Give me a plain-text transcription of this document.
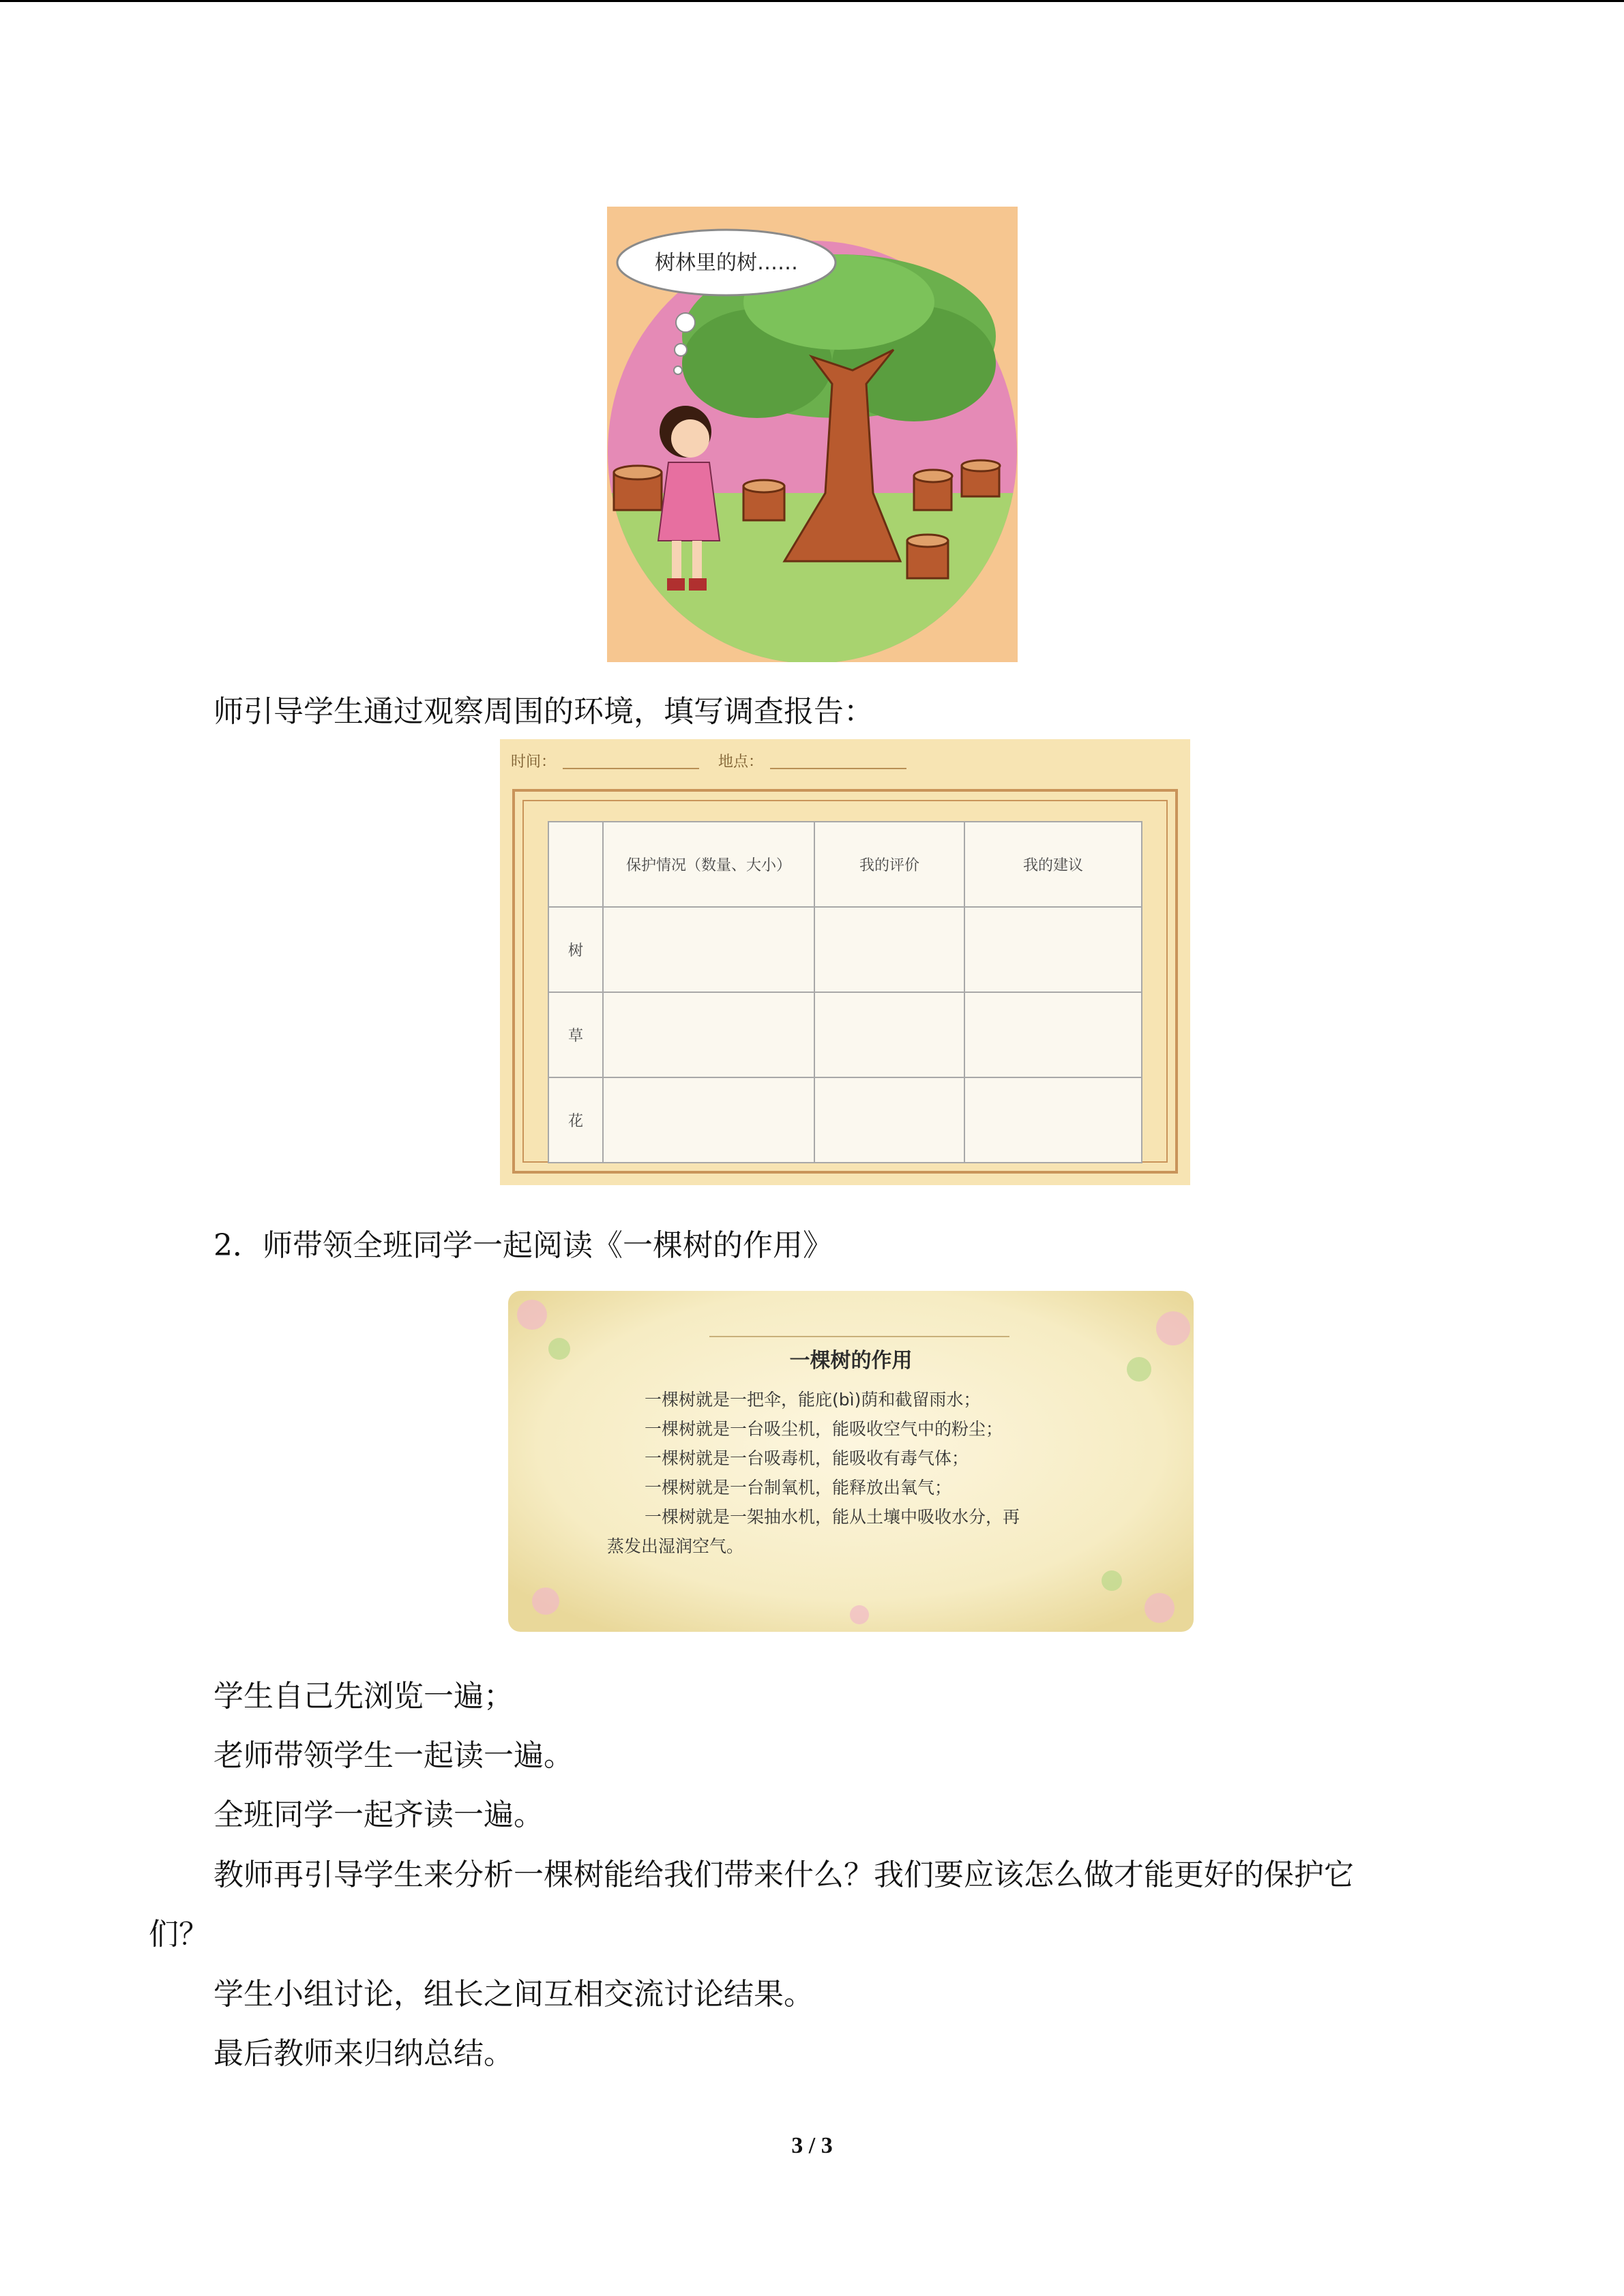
树林里的树……
师引导学生通过观察周围的环境，填写调查报告：
时间：	地点：
	保护情况（数量、大小）	我的评价	我的建议
树			
草			
花			
2．师带领全班同学一起阅读《一棵树的作用》
一棵树的作用
一棵树就是一把伞，能庇(bì)荫和截留雨水；
一棵树就是一台吸尘机，能吸收空气中的粉尘；
一棵树就是一台吸毒机，能吸收有毒气体；
一棵树就是一台制氧机，能释放出氧气；
一棵树就是一架抽水机，能从土壤中吸收水分，再
蒸发出湿润空气。
学生自己先浏览一遍；
老师带领学生一起读一遍。
全班同学一起齐读一遍。
教师再引导学生来分析一棵树能给我们带来什么？我们要应该怎么做才能更好的保护它
们？
学生小组讨论，组长之间互相交流讨论结果。
最后教师来归纳总结。
3 / 3
